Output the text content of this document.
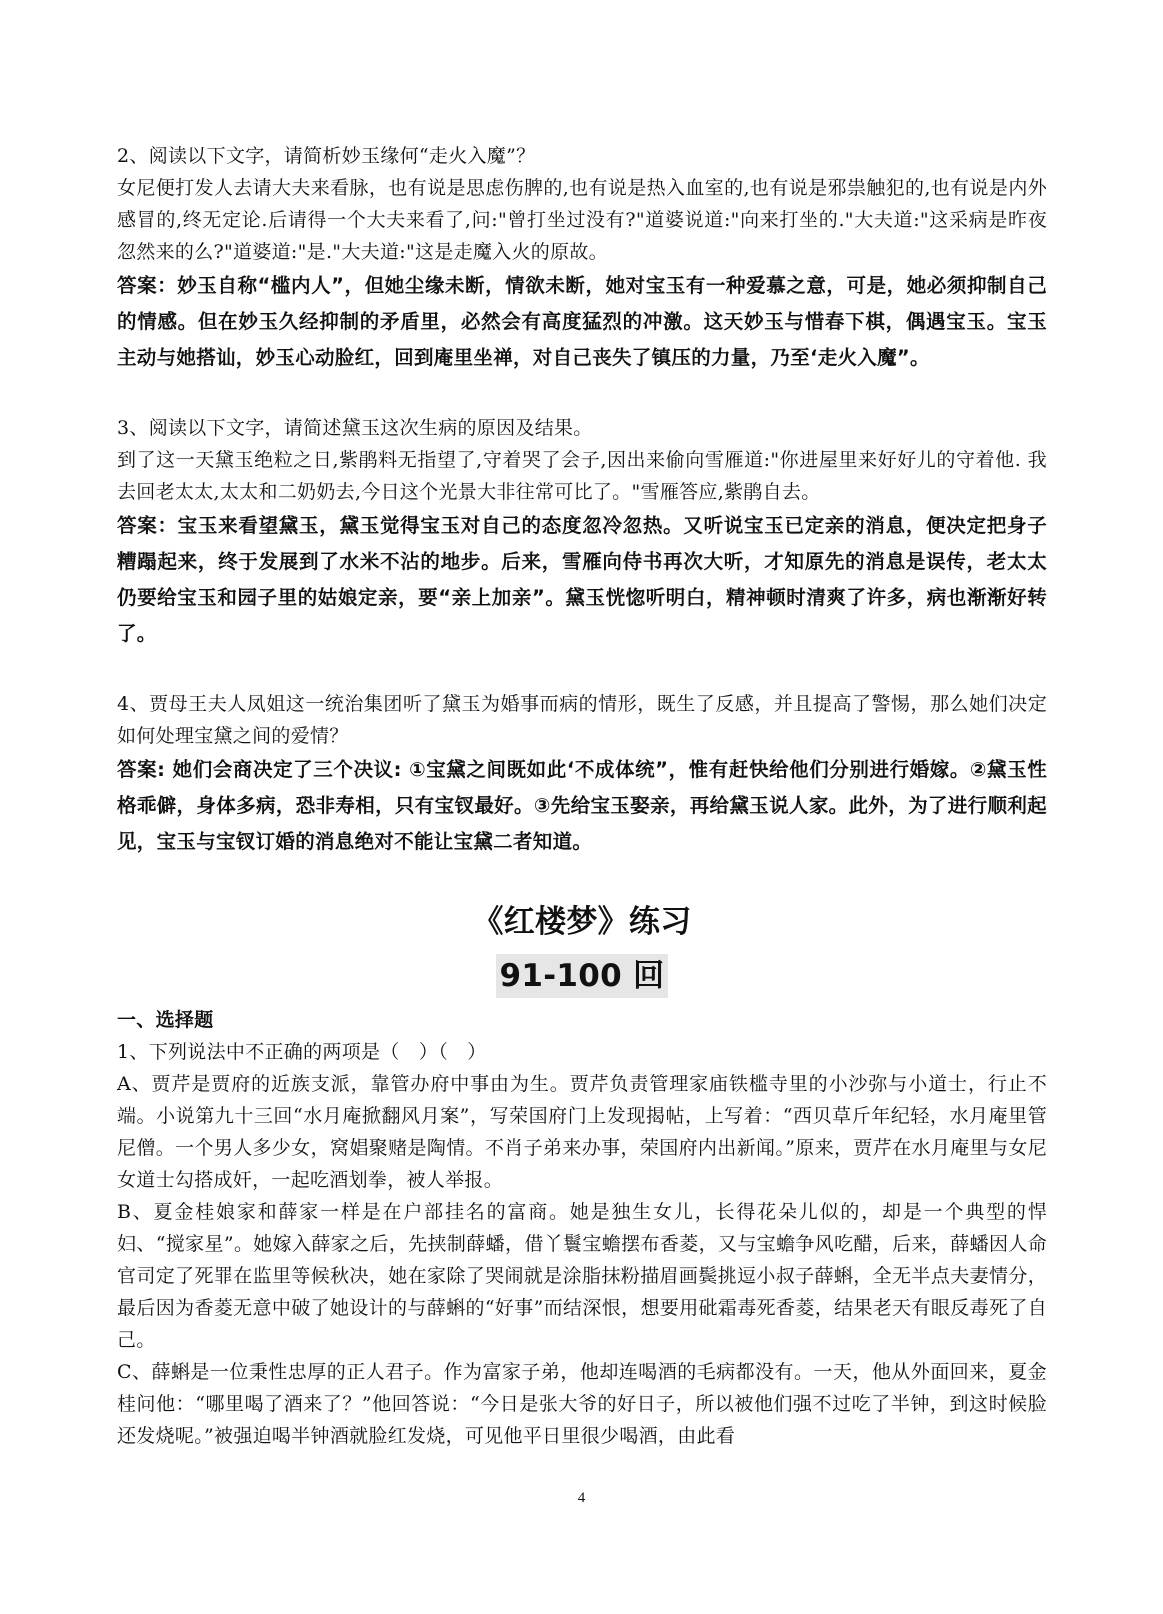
2、阅读以下文字，请简析妙玉缘何“走火入魔”？

女尼便打发人去请大夫来看脉，也有说是思虑伤脾的,也有说是热入血室的,也有说是邪祟触犯的,也有说是内外感冒的,终无定论.后请得一个大夫来看了,问:"曾打坐过没有?"道婆说道:"向来打坐的."大夫道:"这采病是昨夜忽然来的么?"道婆道:"是."大夫道:"这是走魔入火的原故。

答案：妙玉自称“槛内人”，但她尘缘未断，情欲未断，她对宝玉有一种爱慕之意，可是，她必须抑制自己的情感。但在妙玉久经抑制的矛盾里，必然会有高度猛烈的冲激。这天妙玉与惜春下棋，偶遇宝玉。宝玉主动与她搭讪，妙玉心动脸红，回到庵里坐禅，对自己丧失了镇压的力量，乃至‘走火入魔”。

3、阅读以下文字，请简述黛玉这次生病的原因及结果。

到了这一天黛玉绝粒之日,紫鹃料无指望了,守着哭了会子,因出来偷向雪雁道:"你进屋里来好好儿的守着他. 我去回老太太,太太和二奶奶去,今日这个光景大非往常可比了。"雪雁答应,紫鹃自去。

答案：宝玉来看望黛玉，黛玉觉得宝玉对自己的态度忽冷忽热。又听说宝玉已定亲的消息，便决定把身子糟蹋起来，终于发展到了水米不沾的地步。后来，雪雁向侍书再次大听，才知原先的消息是误传，老太太仍要给宝玉和园子里的姑娘定亲，要“亲上加亲”。黛玉恍惚听明白，精神顿时清爽了许多，病也渐渐好转了。

4、贾母王夫人凤姐这一统治集团听了黛玉为婚事而病的情形，既生了反感，并且提高了警惕，那么她们决定如何处理宝黛之间的爱情？

答案: 她们会商决定了三个决议: ①宝黛之间既如此‘不成体统”，惟有赶快给他们分别进行婚嫁。②黛玉性格乖僻，身体多病，恐非寿相，只有宝钗最好。③先给宝玉娶亲，再给黛玉说人家。此外，为了进行顺利起见，宝玉与宝钗订婚的消息绝对不能让宝黛二者知道。

《红楼梦》练习
91-100 回

一、选择题

1、下列说法中不正确的两项是（　）（　）

A、贾芹是贾府的近族支派，靠管办府中事由为生。贾芹负责管理家庙铁槛寺里的小沙弥与小道士，行止不端。小说第九十三回“水月庵掀翻风月案”，写荣国府门上发现揭帖，上写着：“西贝草斤年纪轻，水月庵里管尼僧。一个男人多少女，窝娼聚赌是陶情。不肖子弟来办事，荣国府内出新闻。”原来，贾芹在水月庵里与女尼女道士勾搭成奸，一起吃酒划拳，被人举报。

B、夏金桂娘家和薛家一样是在户部挂名的富商。她是独生女儿，长得花朵儿似的，却是一个典型的悍妇、“搅家星”。她嫁入薛家之后，先挟制薛蟠，借丫鬟宝蟾摆布香菱，又与宝蟾争风吃醋，后来，薛蟠因人命官司定了死罪在监里等候秋决，她在家除了哭闹就是涂脂抹粉描眉画鬓挑逗小叔子薛蝌，全无半点夫妻情分，最后因为香菱无意中破了她设计的与薛蝌的“好事”而结深恨，想要用砒霜毒死香菱，结果老天有眼反毒死了自己。

C、薛蝌是一位秉性忠厚的正人君子。作为富家子弟，他却连喝酒的毛病都没有。一天，他从外面回来，夏金桂问他：“哪里喝了酒来了？”他回答说：“今日是张大爷的好日子，所以被他们强不过吃了半钟，到这时候脸还发烧呢。”被强迫喝半钟酒就脸红发烧，可见他平日里很少喝酒，由此看

4
